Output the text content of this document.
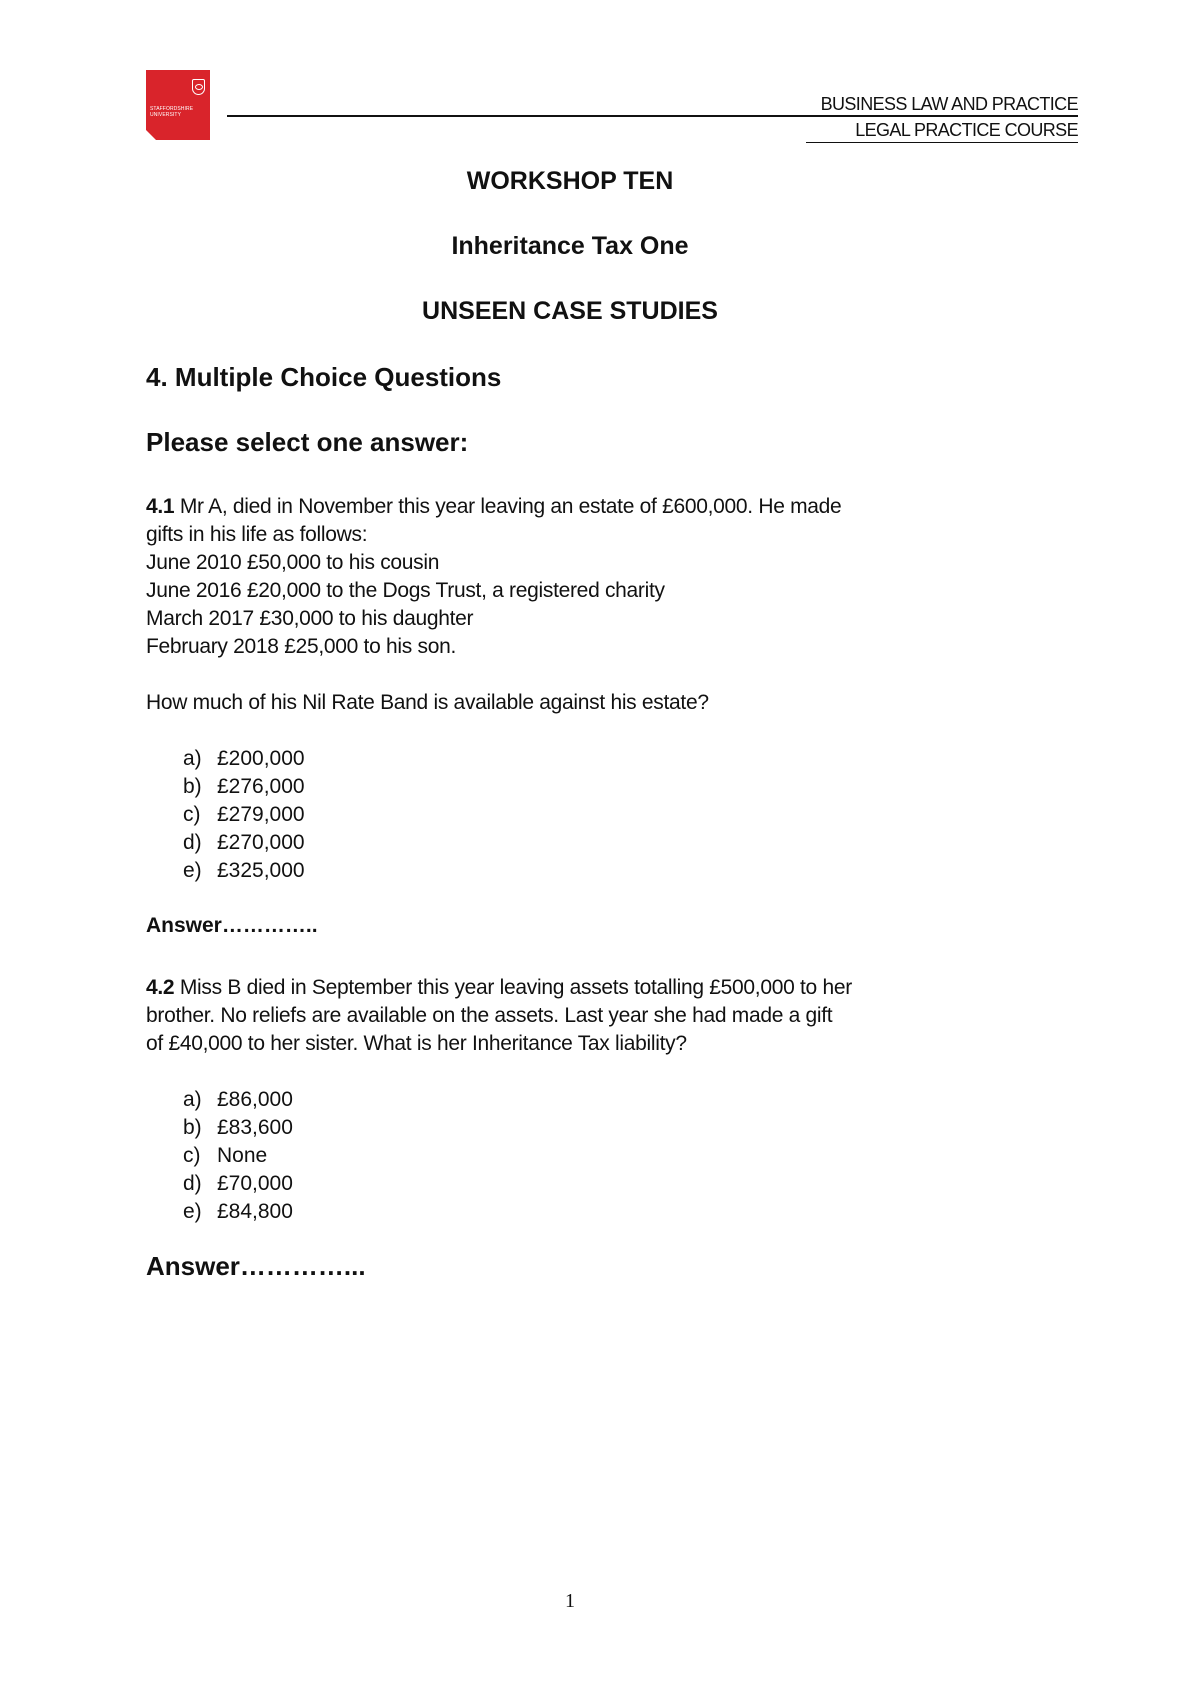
STAFFORDSHIRE
UNIVERSITY
BUSINESS LAW AND PRACTICE
LEGAL PRACTICE COURSE
WORKSHOP TEN
Inheritance Tax One
UNSEEN CASE STUDIES
4. Multiple Choice Questions
Please select one answer:
4.1 Mr A, died in November this year leaving an estate of £600,000. He made
gifts in his life as follows:
June 2010 £50,000 to his cousin
June 2016 £20,000 to the Dogs Trust, a registered charity
March 2017 £30,000 to his daughter
February 2018 £25,000 to his son.
How much of his Nil Rate Band is available against his estate?
a) £200,000
b) £276,000
c) £279,000
d) £270,000
e) £325,000
Answer…………..
4.2 Miss B died in September this year leaving assets totalling £500,000 to her
brother. No reliefs are available on the assets. Last year she had made a gift
of £40,000 to her sister. What is her Inheritance Tax liability?
a) £86,000
b) £83,600
c) None
d) £70,000
e) £84,800
Answer…………...
1
